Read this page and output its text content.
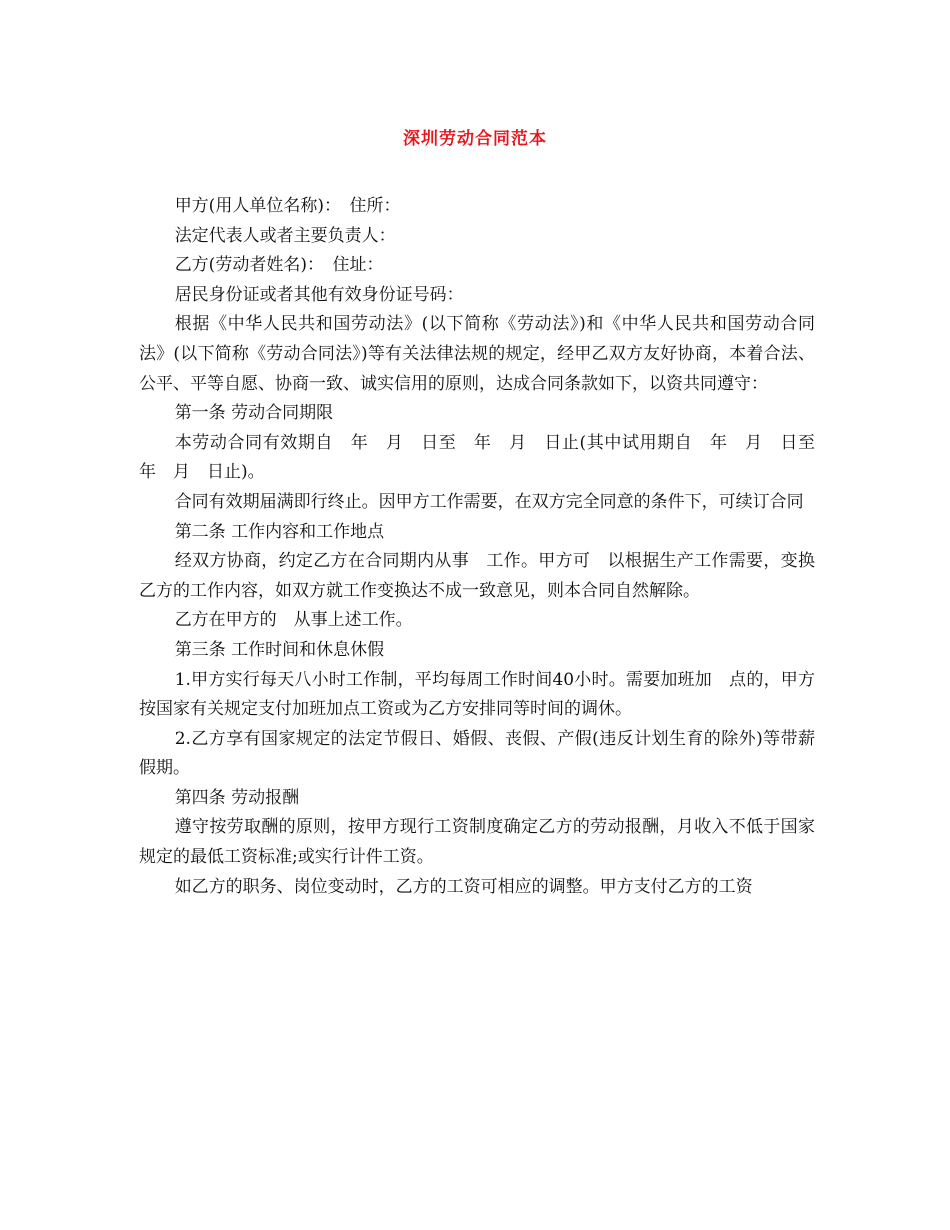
深圳劳动合同范本

甲方(用人单位名称)：　住所：

法定代表人或者主要负责人：

乙方(劳动者姓名)：　住址：

居民身份证或者其他有效身份证号码：

根据《中华人民共和国劳动法》(以下简称《劳动法》)和《中华人民共和国劳动合同法》(以下简称《劳动合同法》)等有关法律法规的规定，经甲乙双方友好协商，本着合法、公平、平等自愿、协商一致、诚实信用的原则，达成合同条款如下，以资共同遵守：

第一条 劳动合同期限

本劳动合同有效期自　年　月　日至　年　月　日止(其中试用期自　年　月　日至　年　月　日止)。

合同有效期届满即行终止。因甲方工作需要，在双方完全同意的条件下，可续订合同

第二条 工作内容和工作地点

经双方协商，约定乙方在合同期内从事　工作。甲方可　以根据生产工作需要，变换乙方的工作内容，如双方就工作变换达不成一致意见，则本合同自然解除。

乙方在甲方的　从事上述工作。

第三条 工作时间和休息休假

1.甲方实行每天八小时工作制，平均每周工作时间40小时。需要加班加　点的，甲方按国家有关规定支付加班加点工资或为乙方安排同等时间的调休。

2.乙方享有国家规定的法定节假日、婚假、丧假、产假(违反计划生育的除外)等带薪假期。

第四条 劳动报酬

遵守按劳取酬的原则，按甲方现行工资制度确定乙方的劳动报酬，月收入不低于国家规定的最低工资标准;或实行计件工资。

如乙方的职务、岗位变动时，乙方的工资可相应的调整。甲方支付乙方的工资
